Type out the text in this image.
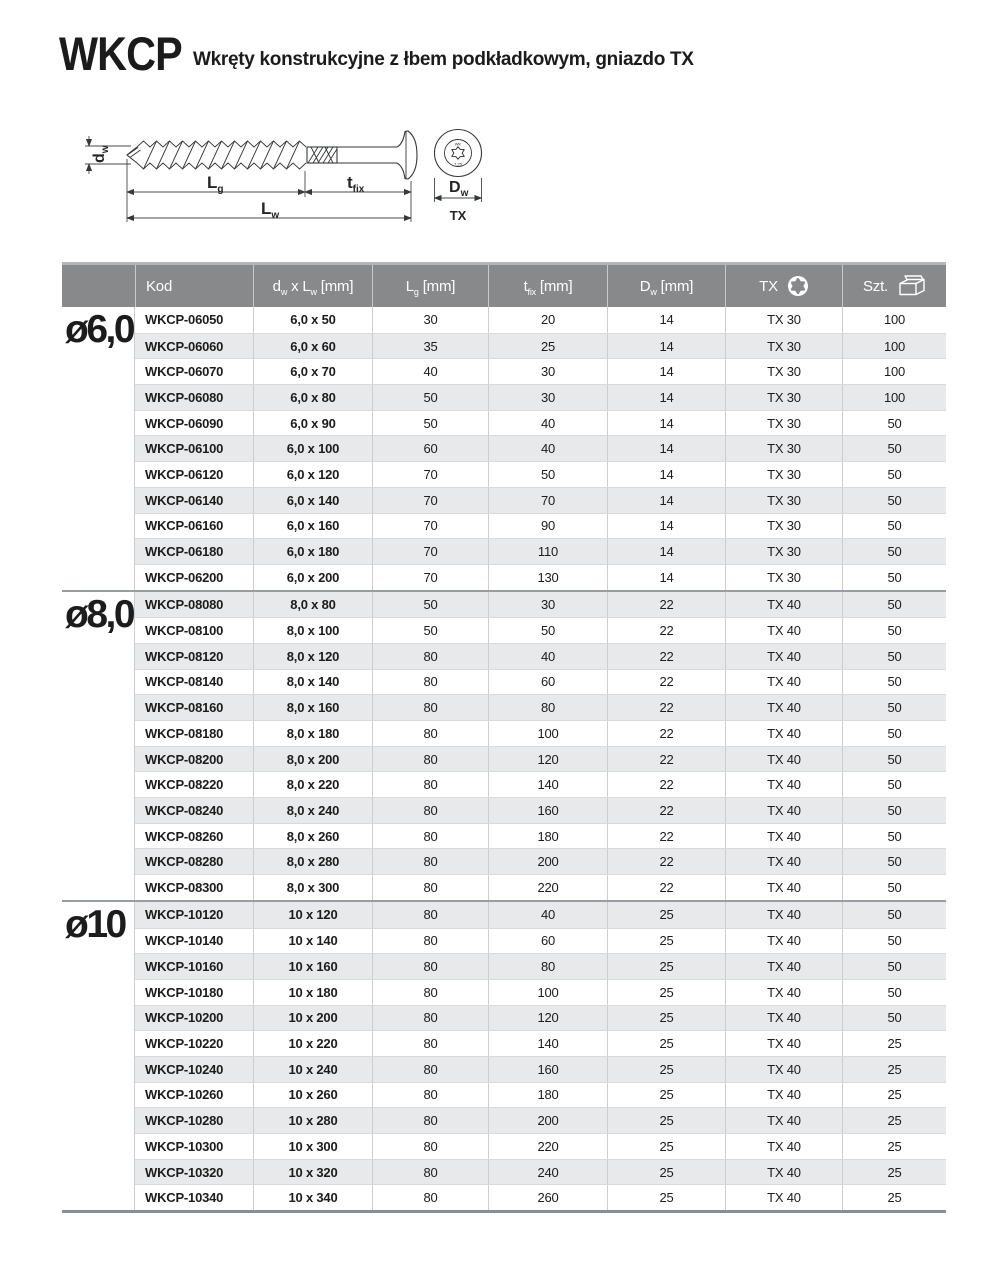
WKCP Wkręty konstrukcyjne z łbem podkładkowym, gniazdo TX
$d_w$
$L_g$	$t_{fix}$
$L_w$
$D_w$
TX
WK
7,25
Kod	$d_w$ x $L_w$ [mm]	$L_g$ [mm]	$t_{fix}$ [mm]	$D_w$ [mm]	TX	Szt.
ø6,0 WKCP-06050	6,0 x 50	30	20	14	TX 30	100
WKCP-06060	6,0 x 60	35	25	14	TX 30	100
WKCP-06070	6,0 x 70	40	30	14	TX 30	100
WKCP-06080	6,0 x 80	50	30	14	TX 30	100
WKCP-06090	6,0 x 90	50	40	14	TX 30	50
WKCP-06100	6,0 x 100	60	40	14	TX 30	50
WKCP-06120	6,0 x 120	70	50	14	TX 30	50
WKCP-06140	6,0 x 140	70	70	14	TX 30	50
WKCP-06160	6,0 x 160	70	90	14	TX 30	50
WKCP-06180	6,0 x 180	70	110	14	TX 30	50
WKCP-06200	6,0 x 200	70	130	14	TX 30	50
ø8,0 WKCP-08080	8,0 x 80	50	30	22	TX 40	50
WKCP-08100	8,0 x 100	50	50	22	TX 40	50
WKCP-08120	8,0 x 120	80	40	22	TX 40	50
WKCP-08140	8,0 x 140	80	60	22	TX 40	50
WKCP-08160	8,0 x 160	80	80	22	TX 40	50
WKCP-08180	8,0 x 180	80	100	22	TX 40	50
WKCP-08200	8,0 x 200	80	120	22	TX 40	50
WKCP-08220	8,0 x 220	80	140	22	TX 40	50
WKCP-08240	8,0 x 240	80	160	22	TX 40	50
WKCP-08260	8,0 x 260	80	180	22	TX 40	50
WKCP-08280	8,0 x 280	80	200	22	TX 40	50
WKCP-08300	8,0 x 300	80	220	22	TX 40	50
ø10	WKCP-10120	10 x 120	80	40	25	TX 40	50
WKCP-10140	10 x 140	80	60	25	TX 40	50
WKCP-10160	10 x 160	80	80	25	TX 40	50
WKCP-10180	10 x 180	80	100	25	TX 40	50
WKCP-10200	10 x 200	80	120	25	TX 40	50
WKCP-10220	10 x 220	80	140	25	TX 40	25
WKCP-10240	10 x 240	80	160	25	TX 40	25
WKCP-10260	10 x 260	80	180	25	TX 40	25
WKCP-10280	10 x 280	80	200	25	TX 40	25
WKCP-10300	10 x 300	80	220	25	TX 40	25
WKCP-10320	10 x 320	80	240	25	TX 40	25
WKCP-10340	10 x 340	80	260	25	TX 40	25
